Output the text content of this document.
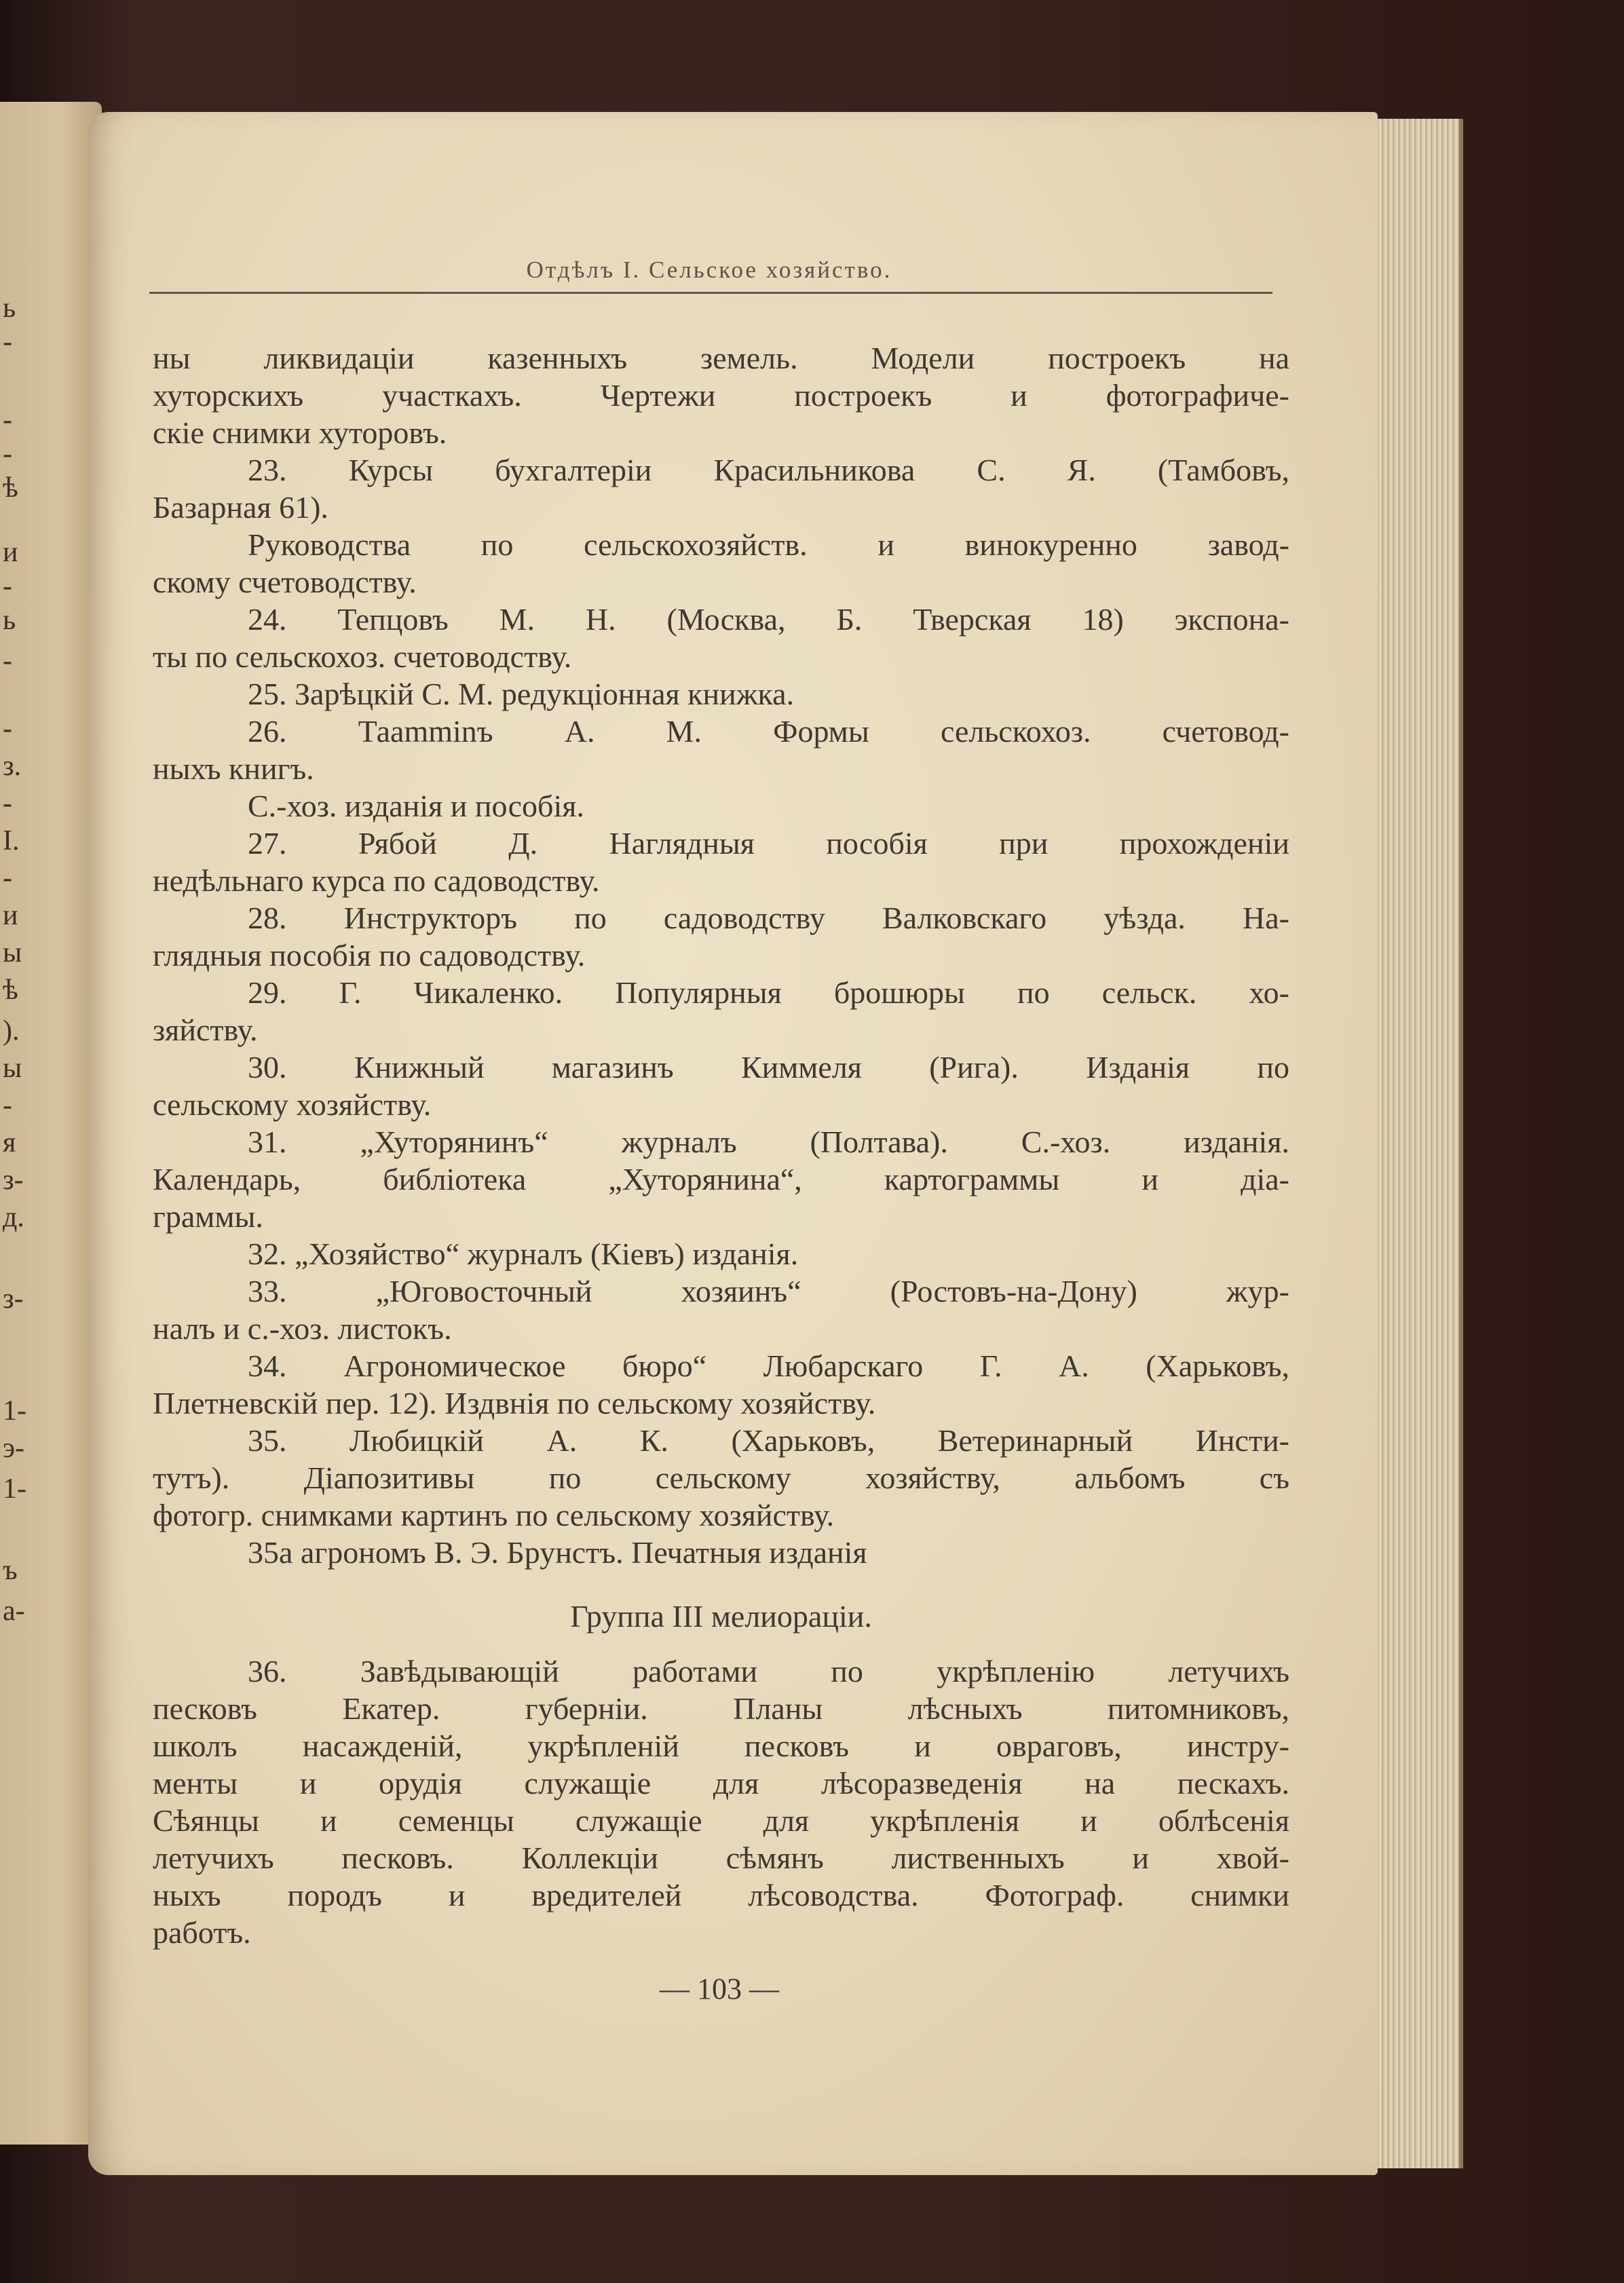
ь
-
-
-
ѣ
и
-
ь
-
-
з.
-
I.
-
и
ы
ѣ
).
ы
-
я
з-
д.
з-
1-
э-
1-
ъ
а-
Отдѣлъ I. Сельское хозяйство.
ны ликвидаціи казенныхъ земель. Модели построекъ на
хуторскихъ участкахъ. Чертежи построекъ и фотографиче-
скіе снимки хуторовъ.
23. Курсы бухгалтеріи Красильникова С. Я. (Тамбовъ,
Базарная 61).
Руководства по сельскохозяйств. и винокуренно завод-
скому счетоводству.
24. Тепцовъ М. Н. (Москва, Б. Тверская 18) экспона-
ты по сельскохоз. счетоводству.
25. Зарѣцкій С. М. редукціонная книжка.
26. Таamminъ А. М. Формы сельскохоз. счетовод-
ныхъ книгъ.
С.-хоз. изданія и пособія.
27. Рябой Д. Наглядныя пособія при прохожденіи
недѣльнаго курса по садоводству.
28. Инструкторъ по садоводству Валковскаго уѣзда. На-
глядныя пособія по садоводству.
29. Г. Чикаленко. Популярныя брошюры по сельск. хо-
зяйству.
30. Книжный магазинъ Киммеля (Рига). Изданія по
сельскому хозяйству.
31. „Хуторянинъ“ журналъ (Полтава). С.-хоз. изданія.
Календарь, библіотека „Хуторянина“, картограммы и діа-
граммы.
32. „Хозяйство“ журналъ (Кіевъ) изданія.
33. „Юговосточный хозяинъ“ (Ростовъ-на-Дону) жур-
налъ и с.-хоз. листокъ.
34. Агрономическое бюро“ Любарскаго Г. А. (Харьковъ,
Плетневскій пер. 12). Издвнія по сельскому хозяйству.
35. Любицкій А. К. (Харьковъ, Ветеринарный Инсти-
тутъ). Діапозитивы по сельскому хозяйству, альбомъ съ
фотогр. снимками картинъ по сельскому хозяйству.
35а агрономъ В. Э. Брунстъ. Печатныя изданія
Группа III мелиораціи.
36. Завѣдывающій работами по укрѣпленію летучихъ
песковъ Екатер. губерніи. Планы лѣсныхъ питомниковъ,
школъ насажденій, укрѣпленій песковъ и овраговъ, инстру-
менты и орудія служащіе для лѣсоразведенія на пескахъ.
Сѣянцы и семенцы служащіе для укрѣпленія и облѣсенія
летучихъ песковъ. Коллекціи сѣмянъ лиственныхъ и хвой-
ныхъ породъ и вредителей лѣсоводства. Фотограф. снимки
работъ.
— 103 —
